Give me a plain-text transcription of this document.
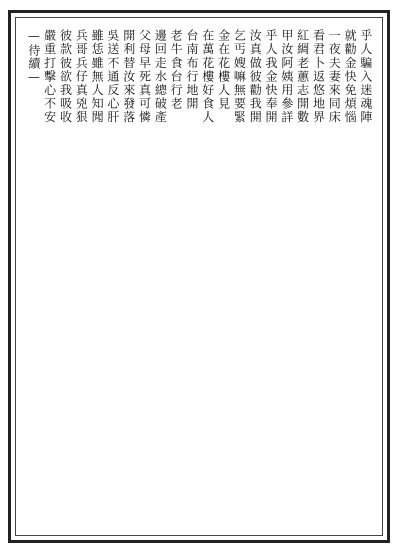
乎人騙入迷魂陣
就勸金快免煩惱
一夜夫妻來同床
看君卜返悠地界
紅綢老蕙志開數
甲汝阿姨用參詳
乎人我金快奉開
汝真做彼勸我開
乞丐嫂嘛無要緊
金在花樓人見
在萬花樓好食人
台南布行地開
老牛食台行老
邊回走水總破產
父母早死真可憐
開利替汝來發落
吳送不通反心肝
雖恁雖無人知聞
兵哥兵仔真兇狠
彼款彼欲我吸收
嚴重打擊心不安
—待續—
